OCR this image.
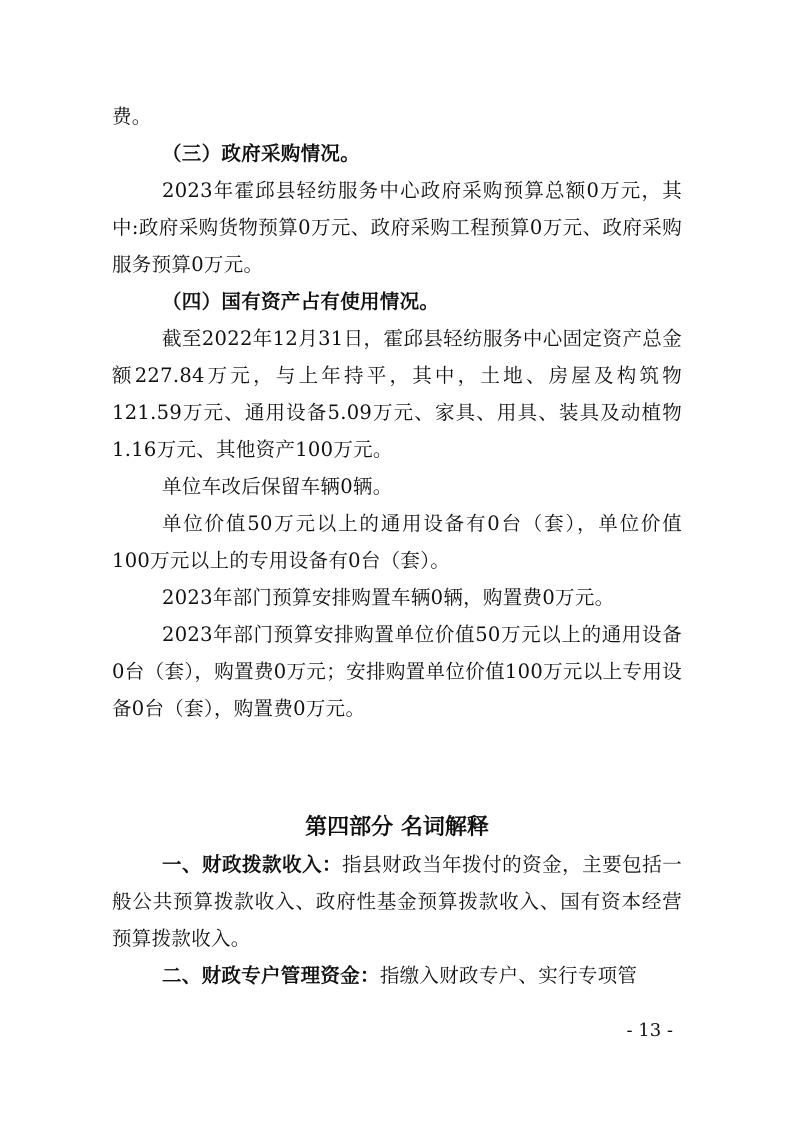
费。

（三）政府采购情况。

2023年霍邱县轻纺服务中心政府采购预算总额0万元，其中:政府采购货物预算0万元、政府采购工程预算0万元、政府采购服务预算0万元。

（四）国有资产占有使用情况。

截至2022年12月31日，霍邱县轻纺服务中心固定资产总金额227.84万元，与上年持平，其中，土地、房屋及构筑物121.59万元、通用设备5.09万元、家具、用具、装具及动植物1.16万元、其他资产100万元。

单位车改后保留车辆0辆。

单位价值50万元以上的通用设备有0台（套），单位价值100万元以上的专用设备有0台（套）。

2023年部门预算安排购置车辆0辆，购置费0万元。

2023年部门预算安排购置单位价值50万元以上的通用设备0台（套），购置费0万元；安排购置单位价值100万元以上专用设备0台（套），购置费0万元。

第四部分 名词解释

一、财政拨款收入：指县财政当年拨付的资金，主要包括一般公共预算拨款收入、政府性基金预算拨款收入、国有资本经营预算拨款收入。

二、财政专户管理资金：指缴入财政专户、实行专项管

- 13 -
